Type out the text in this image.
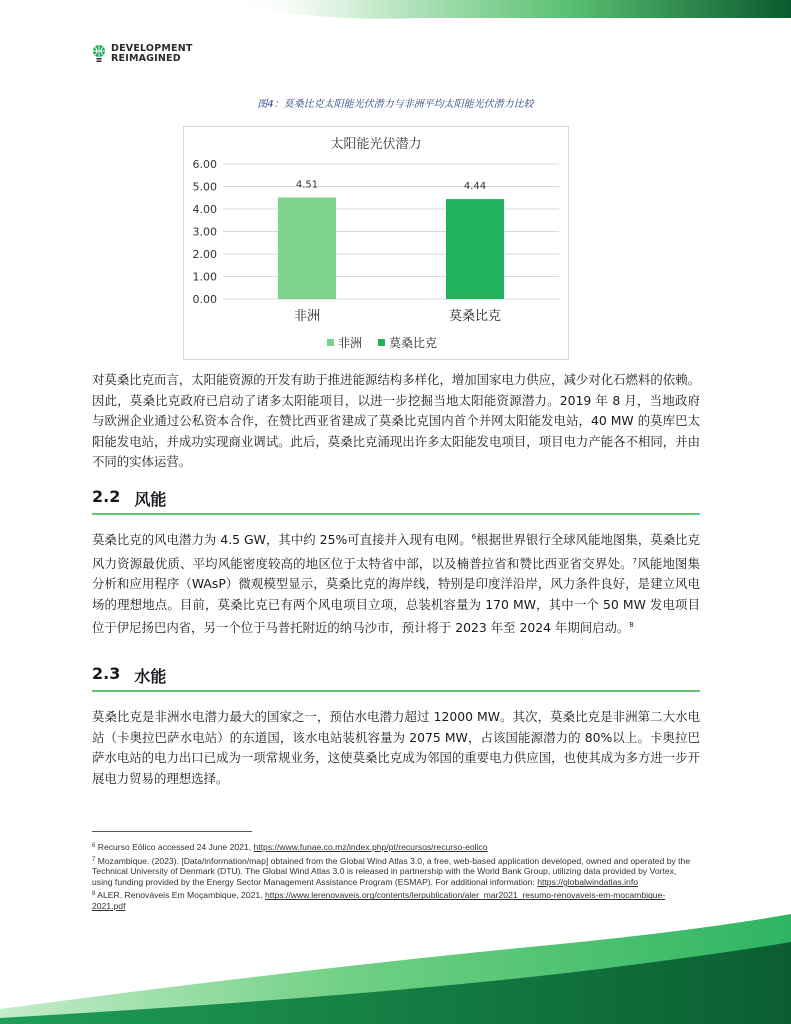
DEVELOPMENT
REIMAGINED
图4：莫桑比克太阳能光伏潜力与非洲平均太阳能光伏潜力比较
太阳能光伏潜力
0.00
1.00
2.00
3.00
4.00
5.00
6.00
4.51
非洲
4.44
莫桑比克
非洲 莫桑比克

对莫桑比克而言，太阳能资源的开发有助于推进能源结构多样化，增加国家电力供应，减少对化石燃料的依赖。因此，莫桑比克政府已启动了诸多太阳能项目，以进一步挖掘当地太阳能资源潜力。2019 年 8 月，当地政府与欧洲企业通过公私资本合作，在赞比西亚省建成了莫桑比克国内首个并网太阳能发电站，40 MW 的莫库巴太阳能发电站，并成功实现商业调试。此后，莫桑比克涌现出许多太阳能发电项目，项目电力产能各不相同，并由不同的实体运营。

2.2 风能

莫桑比克的风电潜力为 4.5 GW，其中约 25%可直接并入现有电网。$^6$根据世界银行全球风能地图集，莫桑比克风力资源最优质、平均风能密度较高的地区位于太特省中部，以及楠普拉省和赞比西亚省交界处。$^7$风能地图集分析和应用程序（WAsP）微观模型显示，莫桑比克的海岸线，特别是印度洋沿岸，风力条件良好，是建立风电场的理想地点。目前，莫桑比克已有两个风电项目立项，总装机容量为 170 MW，其中一个 50 MW 发电项目位于伊尼扬巴内省，另一个位于马普托附近的纳马沙市，预计将于 2023 年至 2024 年期间启动。$^8$

2.3 水能

莫桑比克是非洲水电潜力最大的国家之一，预估水电潜力超过 12000 MW。其次，莫桑比克是非洲第二大水电站（卡奥拉巴萨水电站）的东道国，该水电站装机容量为 2075 MW，占该国能源潜力的 80%以上。卡奥拉巴萨水电站的电力出口已成为一项常规业务，这使莫桑比克成为邻国的重要电力供应国，也使其成为多方进一步开展电力贸易的理想选择。

$^6$ Recurso Eólico accessed 24 June 2021, https://www.funae.co.mz/index.php/pt/recursos/recurso-eolico

$^7$ Mozambique. (2023). [Data/information/map] obtained from the Global Wind Atlas 3.0, a free, web-based application developed, owned and operated by the Technical University of Denmark (DTU). The Global Wind Atlas 3.0 is released in partnership with the World Bank Group, utilizing data provided by Vortex, using funding provided by the Energy Sector Management Assistance Program (ESMAP). For additional information: https://globalwindatlas.info

$^8$ ALER. Renováveis Em Moçambique, 2021, https://www.lerenovaveis.org/contents/lerpublication/aler_mar2021_resumo-renovaveis-em-mocambique-2021.pdf
